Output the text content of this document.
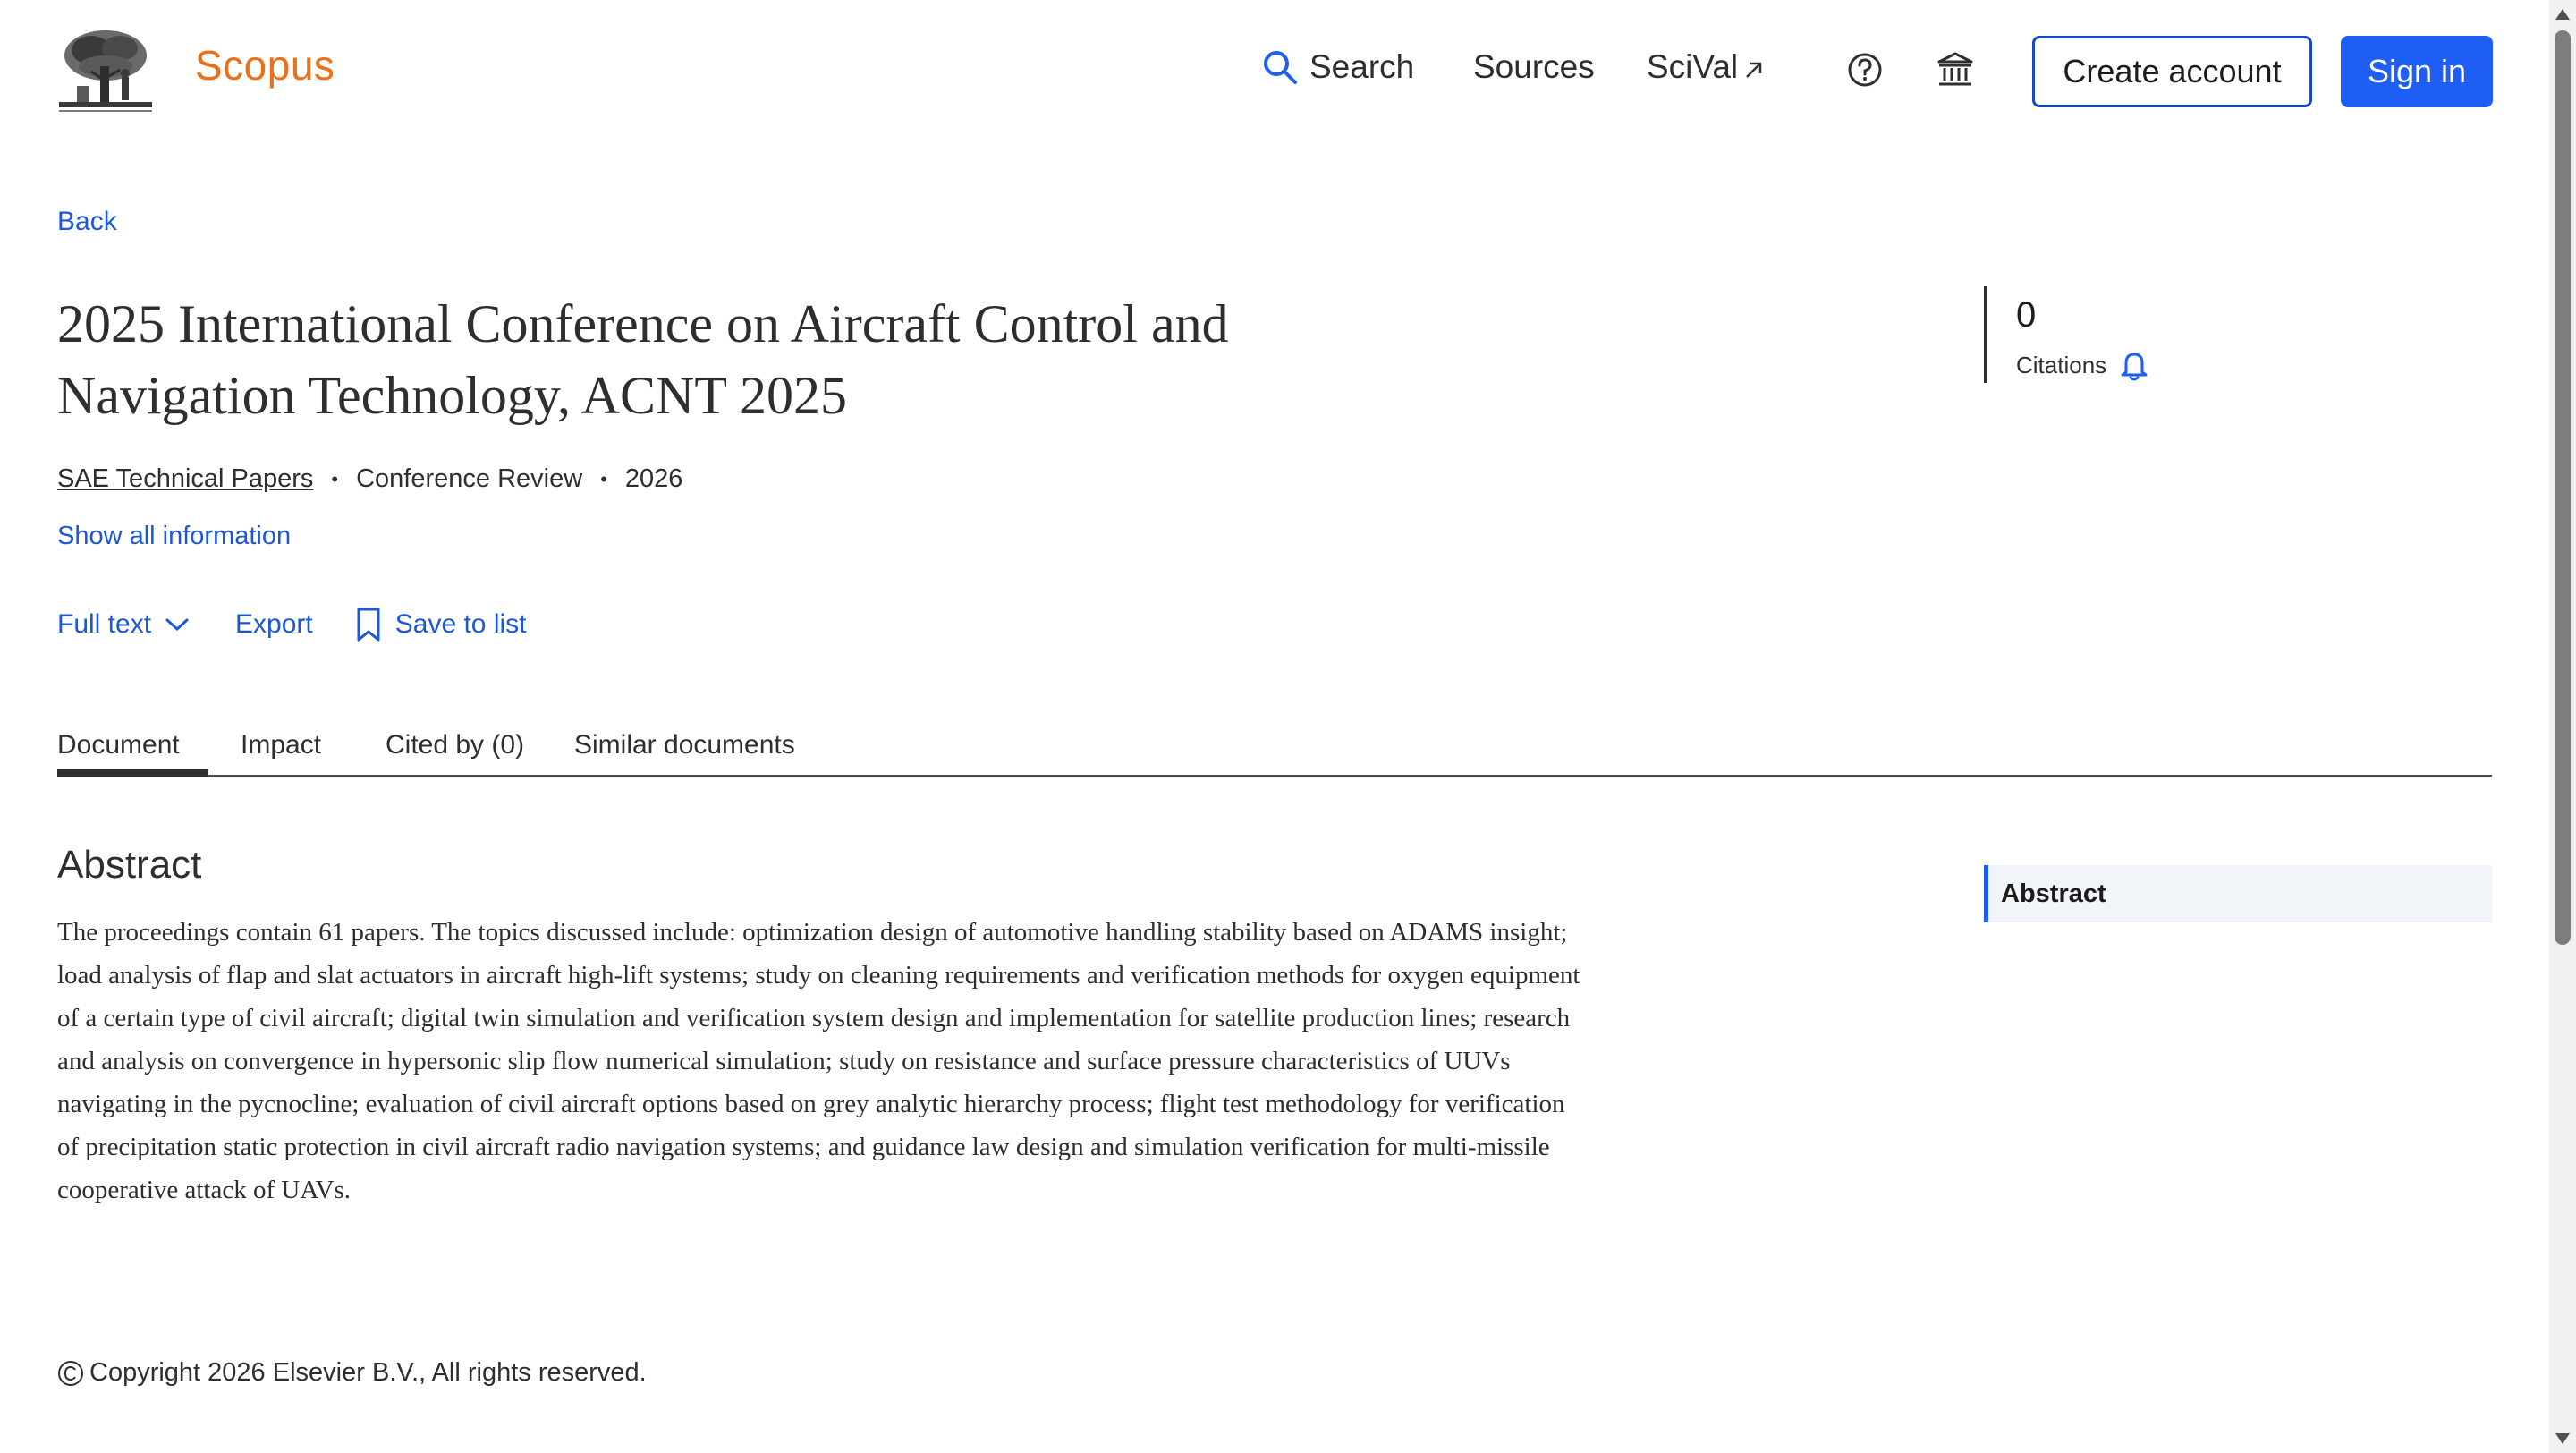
Scopus	Search Sources SciVal	Create account	Sign in
Back
2025 International Conference on Aircraft Control and Navigation Technology, ACNT 2025
SAE Technical Papers • Conference Review • 2026
Show all information
Full text	Export	Save to list
0
Citations
Document Impact Cited by (0) Similar documents
Abstract

The proceedings contain 61 papers. The topics discussed include: optimization design of automotive handling stability based on ADAMS insight; load analysis of flap and slat actuators in aircraft high-lift systems; study on cleaning requirements and verification methods for oxygen equipment of a certain type of civil aircraft; digital twin simulation and verification system design and implementation for satellite production lines; research and analysis on convergence in hypersonic slip flow numerical simulation; study on resistance and surface pressure characteristics of UUVs navigating in the pycnocline; evaluation of civil aircraft options based on grey analytic hierarchy process; flight test methodology for verification of precipitation static protection in civil aircraft radio navigation systems; and guidance law design and simulation verification for multi-missile cooperative attack of UAVs.

Abstract
Copyright 2026 Elsevier B.V., All rights reserved.
